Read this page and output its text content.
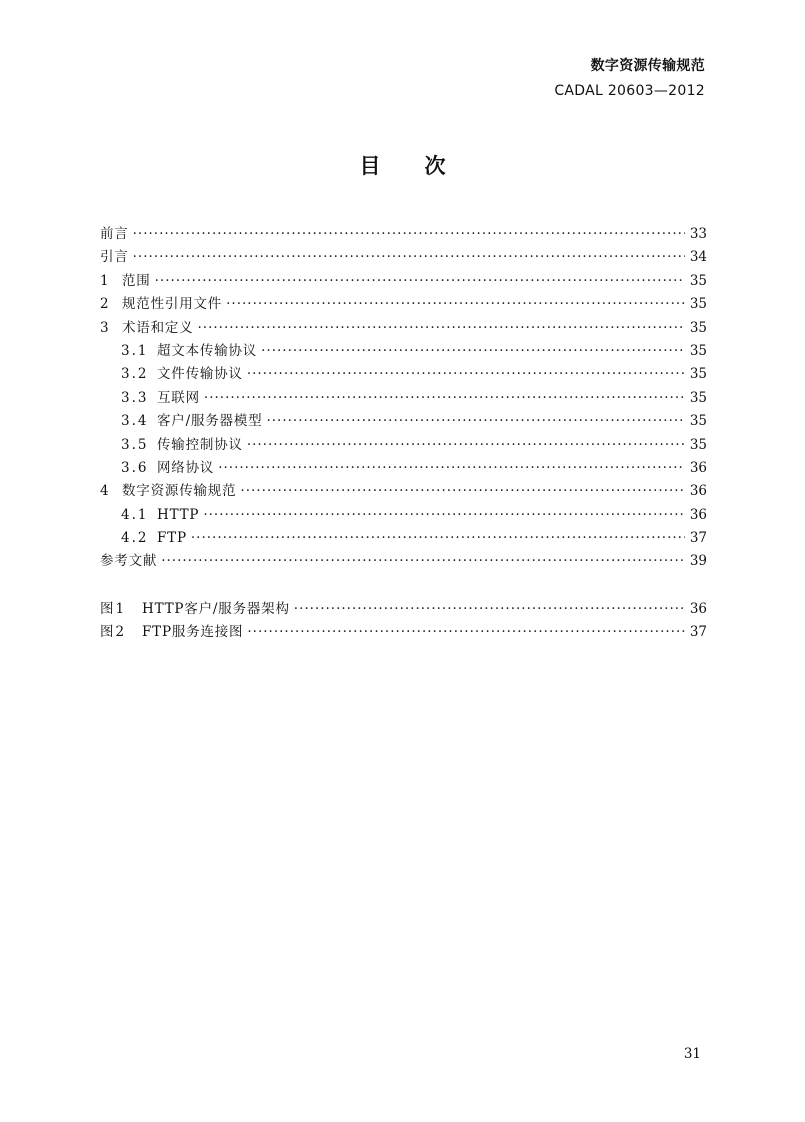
数字资源传输规范
CADAL 20603—2012
目次
前言 ·····	33
引言 ·····	34
1 范围 ·····	35
2 规范性引用文件 ·····	35
3 术语和定义 ·····	35
3.1 超文本传输协议 ·····	35
3.2 文件传输协议 ·····	35
3.3 互联网 ·····	35
3.4 客户/服务器模型 ·····	35
3.5 传输控制协议 ·····	35
3.6 网络协议 ·····	36
4 数字资源传输规范 ·····	36
4.1 HTTP ·····	36
4.2 FTP ·····	37
参考文献 ·····	39
图1	HTTP客户/服务器架构 ·····	36
图2	FTP服务连接图 ·····	37
31
